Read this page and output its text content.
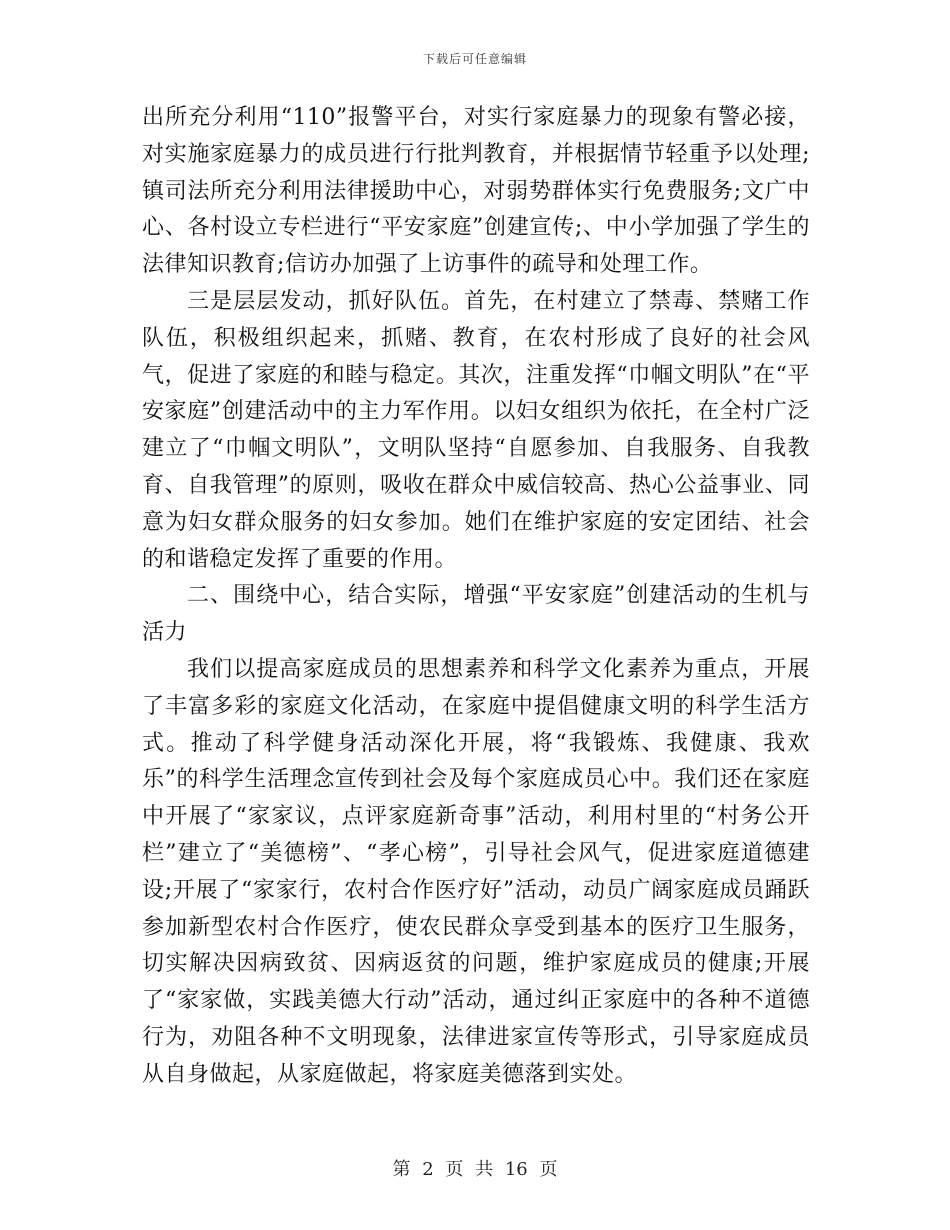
下载后可任意编辑

出所充分利用“110”报警平台，对实行家庭暴力的现象有警必接，对实施家庭暴力的成员进行行批判教育，并根据情节轻重予以处理;镇司法所充分利用法律援助中心，对弱势群体实行免费服务;文广中心、各村设立专栏进行“平安家庭”创建宣传;、中小学加强了学生的法律知识教育;信访办加强了上访事件的疏导和处理工作。

三是层层发动，抓好队伍。首先，在村建立了禁毒、禁赌工作队伍，积极组织起来，抓赌、教育，在农村形成了良好的社会风气，促进了家庭的和睦与稳定。其次，注重发挥“巾帼文明队”在“平安家庭”创建活动中的主力军作用。以妇女组织为依托，在全村广泛建立了“巾帼文明队”，文明队坚持“自愿参加、自我服务、自我教育、自我管理”的原则，吸收在群众中威信较高、热心公益事业、同意为妇女群众服务的妇女参加。她们在维护家庭的安定团结、社会的和谐稳定发挥了重要的作用。

二、围绕中心，结合实际，增强“平安家庭”创建活动的生机与活力

我们以提高家庭成员的思想素养和科学文化素养为重点，开展了丰富多彩的家庭文化活动，在家庭中提倡健康文明的科学生活方式。推动了科学健身活动深化开展，将“我锻炼、我健康、我欢乐”的科学生活理念宣传到社会及每个家庭成员心中。我们还在家庭中开展了“家家议，点评家庭新奇事”活动，利用村里的“村务公开栏”建立了“美德榜”、“孝心榜”，引导社会风气，促进家庭道德建设;开展了“家家行，农村合作医疗好”活动，动员广阔家庭成员踊跃参加新型农村合作医疗，使农民群众享受到基本的医疗卫生服务，切实解决因病致贫、因病返贫的问题，维护家庭成员的健康;开展了“家家做，实践美德大行动”活动，通过纠正家庭中的各种不道德行为，劝阻各种不文明现象，法律进家宣传等形式，引导家庭成员从自身做起，从家庭做起，将家庭美德落到实处。

第 2 页 共 16 页
